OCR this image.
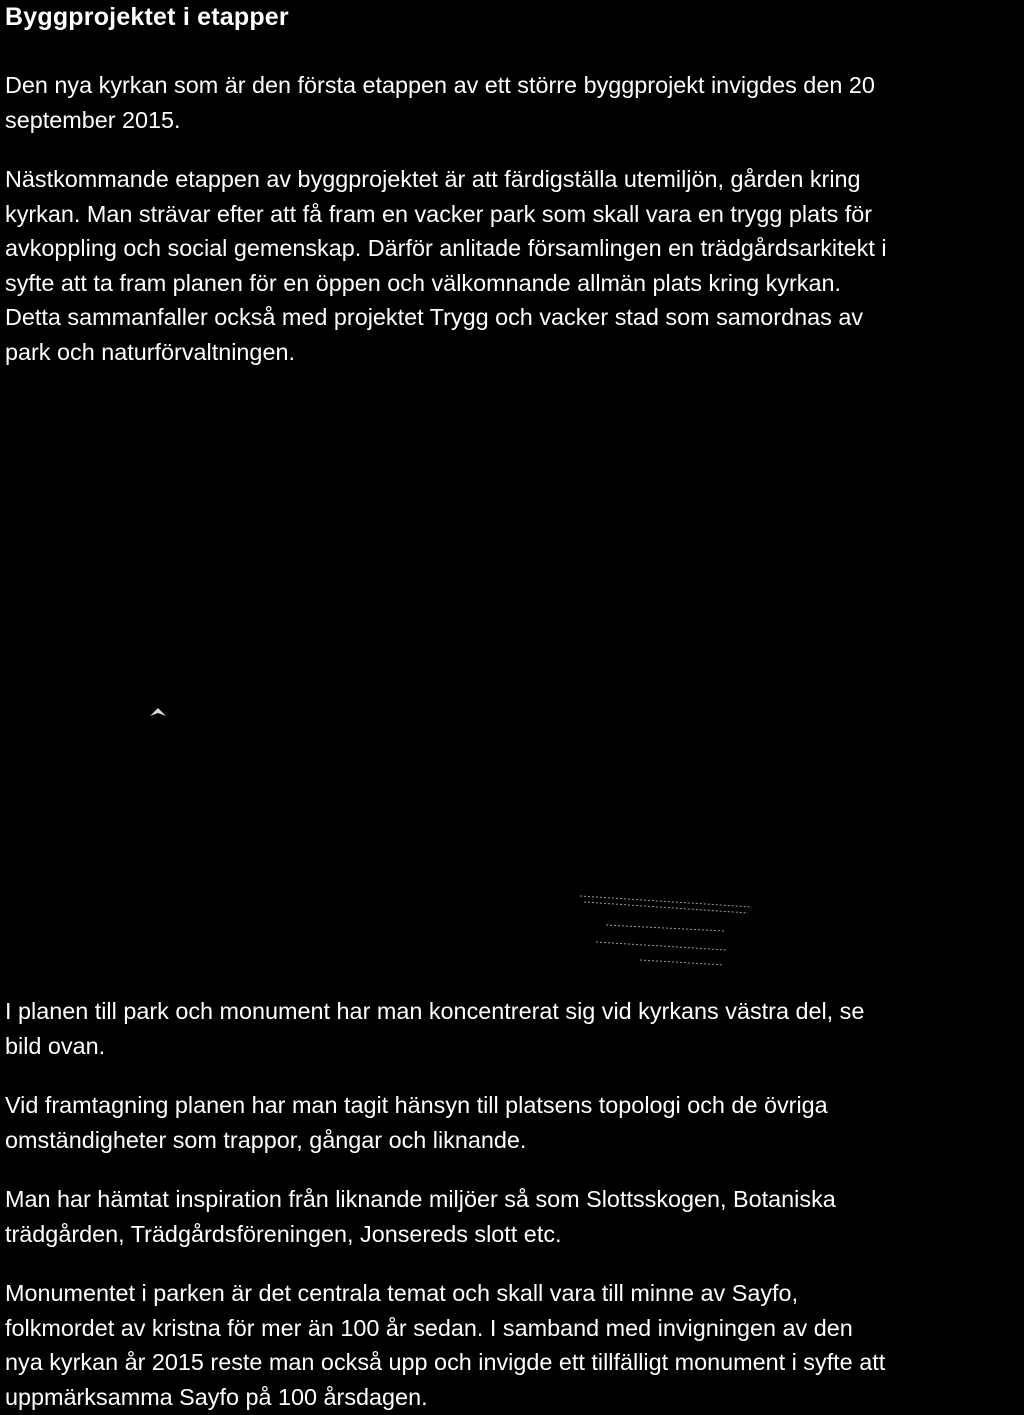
Byggprojektet i etapper

Den nya kyrkan som är den första etappen av ett större byggprojekt invigdes den 20
september 2015.

Nästkommande etappen av byggprojektet är att färdigställa utemiljön, gården kring
kyrkan. Man strävar efter att få fram en vacker park som skall vara en trygg plats för
avkoppling och social gemenskap. Därför anlitade församlingen en trädgårdsarkitekt i
syfte att ta fram planen för en öppen och välkomnande allmän plats kring kyrkan.
Detta sammanfaller också med projektet Trygg och vacker stad som samordnas av
park och naturförvaltningen.

I planen till park och monument har man koncentrerat sig vid kyrkans västra del, se
bild ovan.

Vid framtagning planen har man tagit hänsyn till platsens topologi och de övriga
omständigheter som trappor, gångar och liknande.

Man har hämtat inspiration från liknande miljöer så som Slottsskogen, Botaniska
trädgården, Trädgårdsföreningen, Jonsereds slott etc.

Monumentet i parken är det centrala temat och skall vara till minne av Sayfo,
folkmordet av kristna för mer än 100 år sedan. I samband med invigningen av den
nya kyrkan år 2015 reste man också upp och invigde ett tillfälligt monument i syfte att
uppmärksamma Sayfo på 100 årsdagen.
